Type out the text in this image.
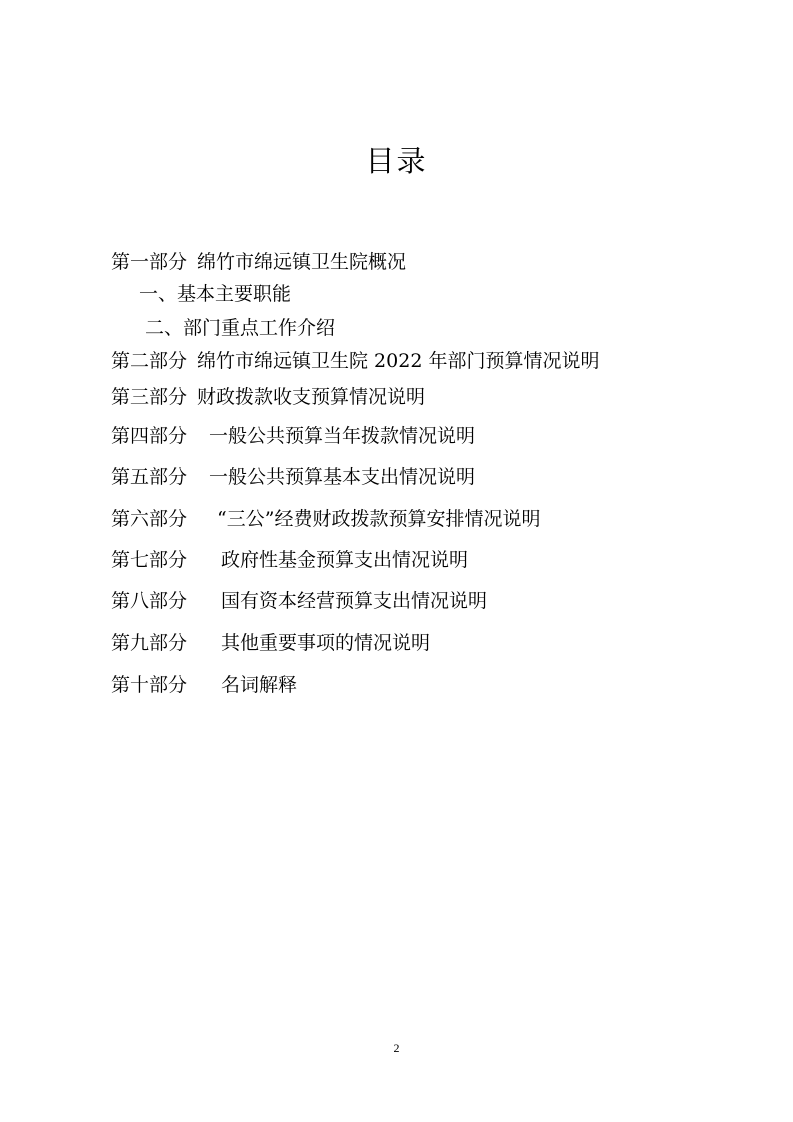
目录
第一部分 绵竹市绵远镇卫生院概况
一、基本主要职能
二、部门重点工作介绍
第二部分 绵竹市绵远镇卫生院 2022 年部门预算情况说明
第三部分 财政拨款收支预算情况说明
第四部分 一般公共预算当年拨款情况说明
第五部分 一般公共预算基本支出情况说明
第六部分 “三公”经费财政拨款预算安排情况说明
第七部分 政府性基金预算支出情况说明
第八部分 国有资本经营预算支出情况说明
第九部分 其他重要事项的情况说明
第十部分 名词解释
2
